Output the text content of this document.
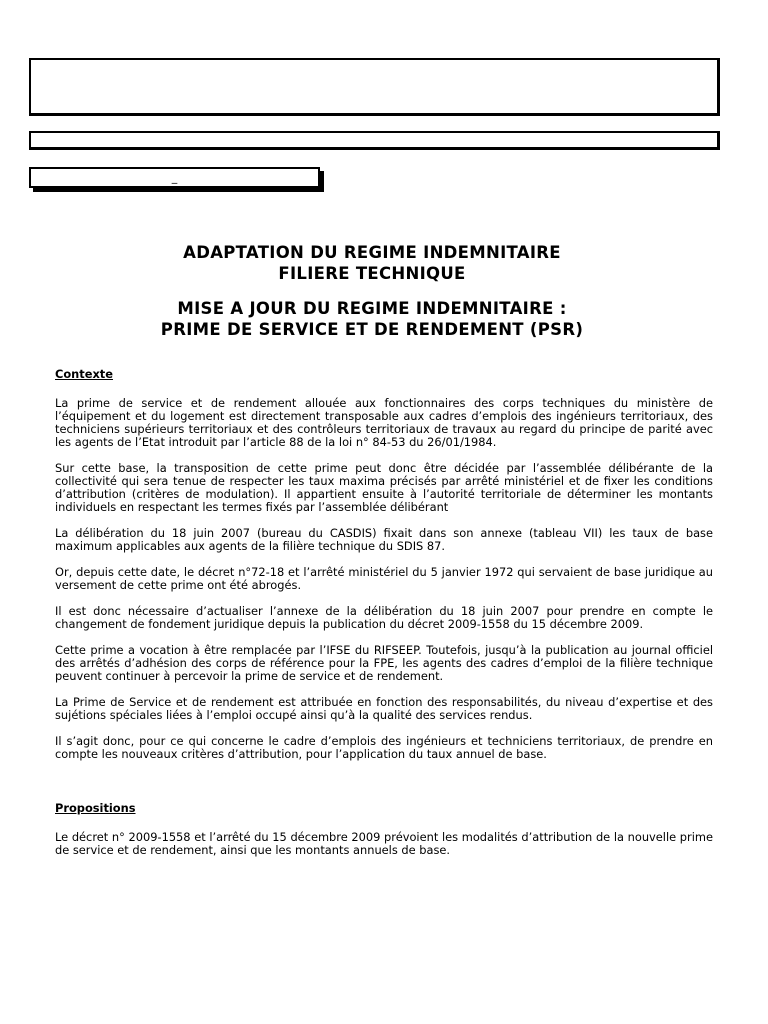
_
ADAPTATION DU REGIME INDEMNITAIRE
FILIERE TECHNIQUE
MISE A JOUR DU REGIME INDEMNITAIRE :
PRIME DE SERVICE ET DE RENDEMENT (PSR)
Contexte

La prime de service et de rendement allouée aux fonctionnaires des corps techniques du ministère de l’équipement et du logement est directement transposable aux cadres d’emplois des ingénieurs territoriaux, des techniciens supérieurs territoriaux et des contrôleurs territoriaux de travaux au regard du principe de parité avec les agents de l’Etat introduit par l’article 88 de la loi n° 84-53 du 26/01/1984.

Sur cette base, la transposition de cette prime peut donc être décidée par l’assemblée délibérante de la collectivité qui sera tenue de respecter les taux maxima précisés par arrêté ministériel et de fixer les conditions d’attribution (critères de modulation). Il appartient ensuite à l’autorité territoriale de déterminer les montants individuels en respectant les termes fixés par l’assemblée délibérant

La délibération du 18 juin 2007 (bureau du CASDIS) fixait dans son annexe (tableau VII) les taux de base maximum applicables aux agents de la filière technique du SDIS 87.

Or, depuis cette date, le décret n°72-18 et l’arrêté ministériel du 5 janvier 1972 qui servaient de base juridique au versement de cette prime ont été abrogés.

Il est donc nécessaire d’actualiser l’annexe de la délibération du 18 juin 2007 pour prendre en compte le changement de fondement juridique depuis la publication du décret 2009-1558 du 15 décembre 2009.

Cette prime a vocation à être remplacée par l’IFSE du RIFSEEP. Toutefois, jusqu’à la publication au journal officiel des arrêtés d’adhésion des corps de référence pour la FPE, les agents des cadres d’emploi de la filière technique peuvent continuer à percevoir la prime de service et de rendement.

La Prime de Service et de rendement est attribuée en fonction des responsabilités, du niveau d’expertise et des sujétions spéciales liées à l’emploi occupé ainsi qu’à la qualité des services rendus.

Il s’agit donc, pour ce qui concerne le cadre d’emplois des ingénieurs et techniciens territoriaux, de prendre en compte les nouveaux critères d’attribution, pour l’application du taux annuel de base.

Propositions

Le décret n° 2009-1558 et l’arrêté du 15 décembre 2009 prévoient les modalités d’attribution de la nouvelle prime de service et de rendement, ainsi que les montants annuels de base.
